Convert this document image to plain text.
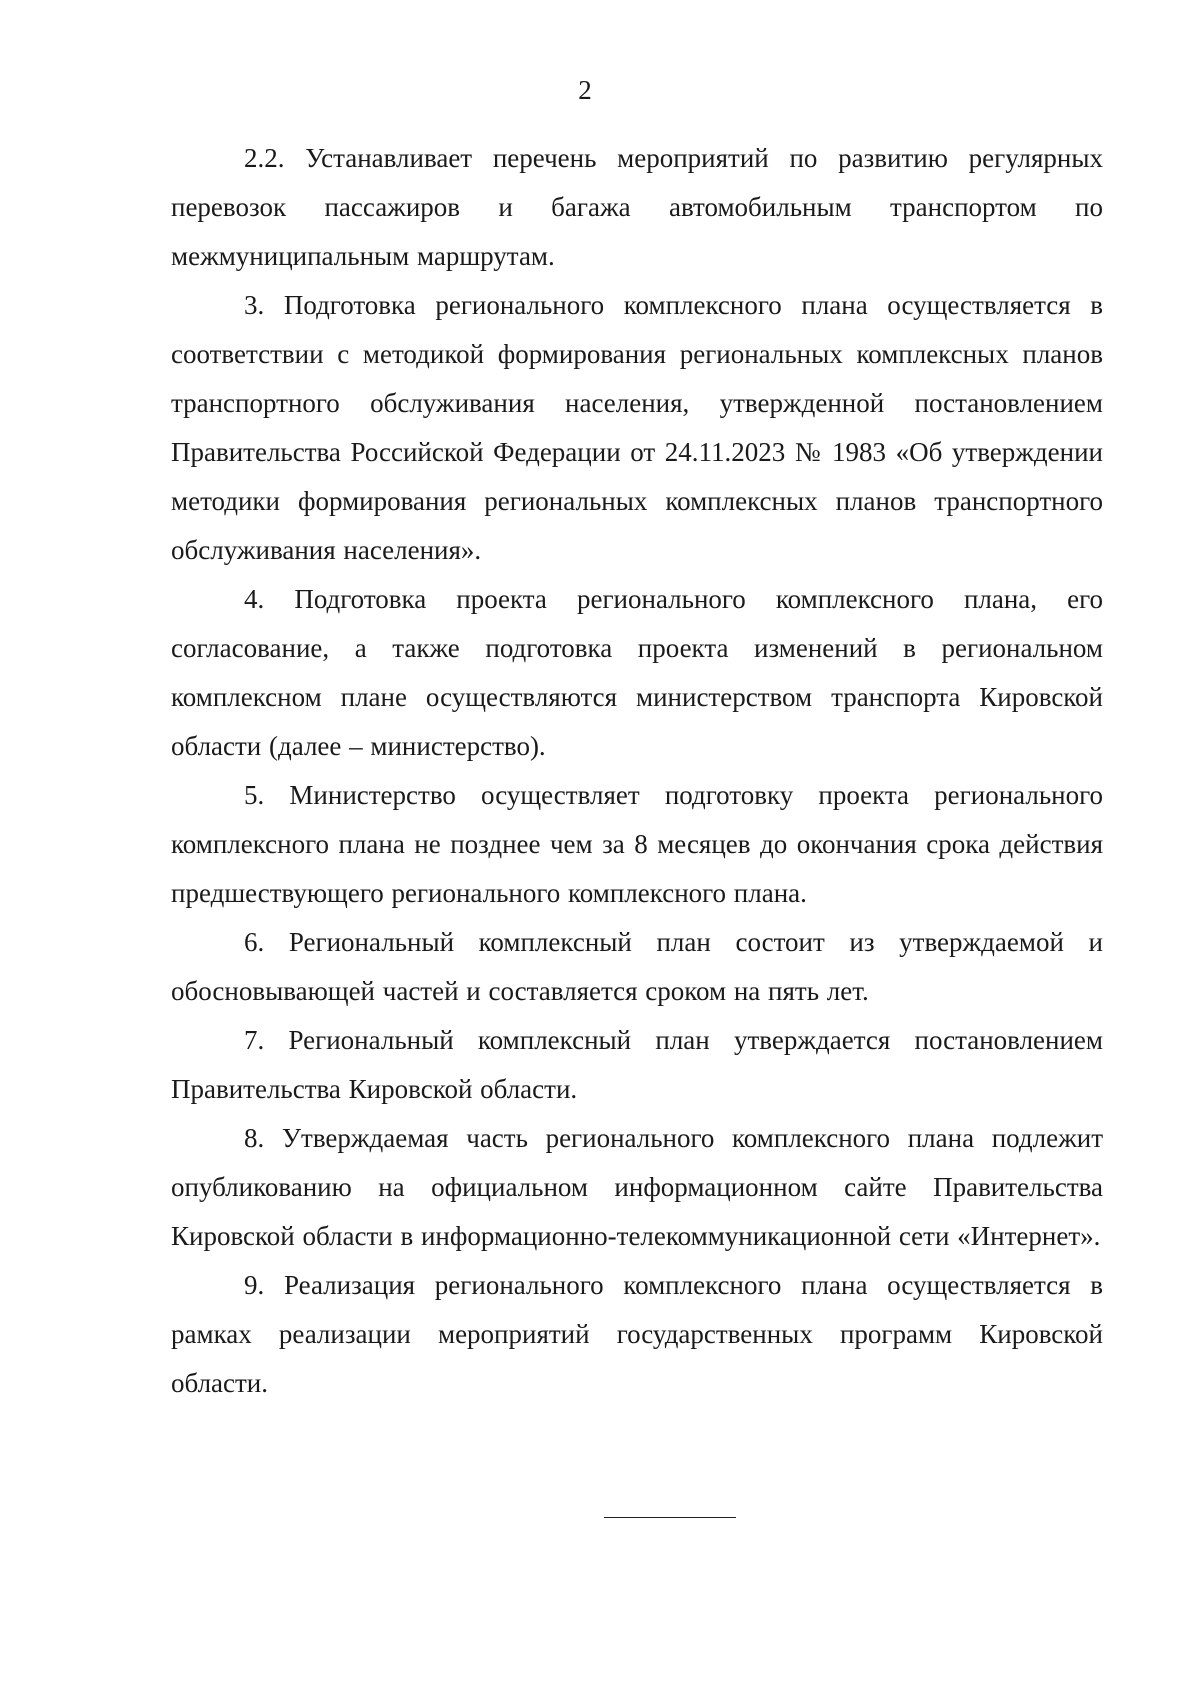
2

2.2. Устанавливает перечень мероприятий по развитию регулярных перевозок пассажиров и багажа автомобильным транспортом по межмуниципальным маршрутам.

3. Подготовка регионального комплексного плана осуществляется в соответствии с методикой формирования региональных комплексных планов транспортного обслуживания населения, утвержденной постановлением Правительства Российской Федерации от 24.11.2023 № 1983 «Об утверждении методики формирования региональных комплексных планов транспортного обслуживания населения».

4. Подготовка проекта регионального комплексного плана, его согласование, а также подготовка проекта изменений в региональном комплексном плане осуществляются министерством транспорта Кировской области (далее – министерство).

5. Министерство осуществляет подготовку проекта регионального комплексного плана не позднее чем за 8 месяцев до окончания срока действия предшествующего регионального комплексного плана.

6. Региональный комплексный план состоит из утверждаемой и обосновывающей частей и составляется сроком на пять лет.

7. Региональный комплексный план утверждается постановлением Правительства Кировской области.

8. Утверждаемая часть регионального комплексного плана подлежит опубликованию на официальном информационном сайте Правительства Кировской области в информационно-телекоммуникационной сети «Интернет».

9. Реализация регионального комплексного плана осуществляется в рамках реализации мероприятий государственных программ Кировской области.
